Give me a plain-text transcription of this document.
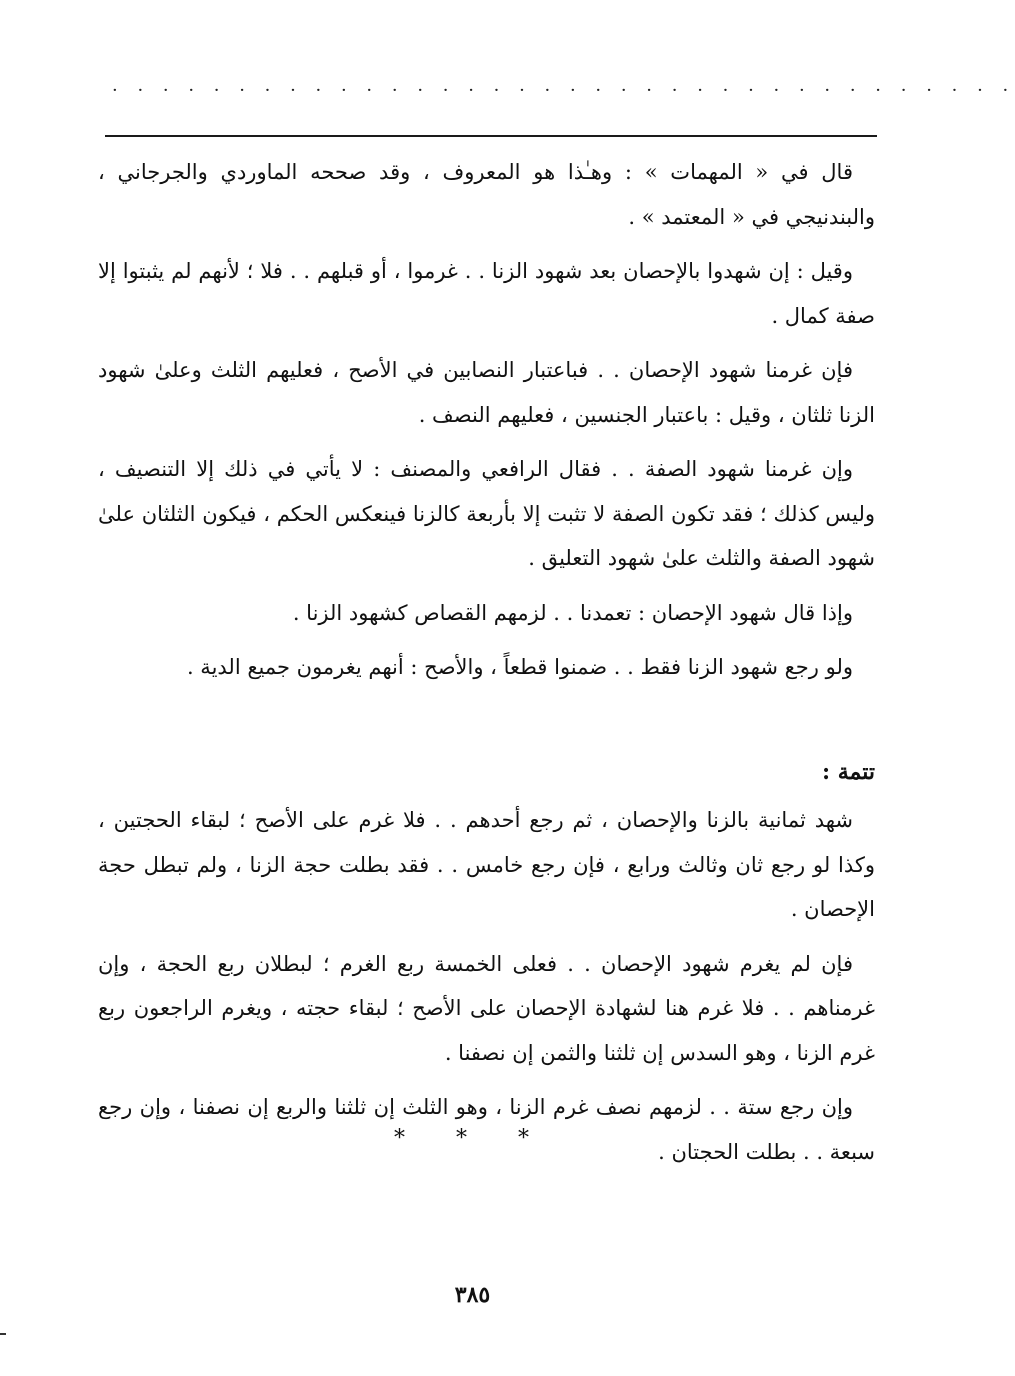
· · · · · · · · · · · · · · · · · · · · · · · · · · · · · · · · · · · ·

قال في « المهمات » : وهـٰذا هو المعروف ، وقد صححه الماوردي والجرجاني ، والبندنيجي في « المعتمد » .

وقيل : إن شهدوا بالإحصان بعد شهود الزنا . . غرموا ، أو قبلهم . . فلا ؛ لأنهم لم يثبتوا إلا صفة كمال .

فإن غرمنا شهود الإحصان . . فباعتبار النصابين في الأصح ، فعليهم الثلث وعلىٰ شهود الزنا ثلثان ، وقيل : باعتبار الجنسين ، فعليهم النصف .

وإن غرمنا شهود الصفة . . فقال الرافعي والمصنف : لا يأتي في ذلك إلا التنصيف ، وليس كذلك ؛ فقد تكون الصفة لا تثبت إلا بأربعة كالزنا فينعكس الحكم ، فيكون الثلثان علىٰ شهود الصفة والثلث علىٰ شهود التعليق .

وإذا قال شهود الإحصان : تعمدنا . . لزمهم القصاص كشهود الزنا .

ولو رجع شهود الزنا فقط . . ضمنوا قطعاً ، والأصح : أنهم يغرمون جميع الدية .

تتمة :

شهد ثمانية بالزنا والإحصان ، ثم رجع أحدهم . . فلا غرم على الأصح ؛ لبقاء الحجتين ، وكذا لو رجع ثان وثالث ورابع ، فإن رجع خامس . . فقد بطلت حجة الزنا ، ولم تبطل حجة الإحصان .

فإن لم يغرم شهود الإحصان . . فعلى الخمسة ربع الغرم ؛ لبطلان ربع الحجة ، وإن غرمناهم . . فلا غرم هنا لشهادة الإحصان على الأصح ؛ لبقاء حجته ، ويغرم الراجعون ربع غرم الزنا ، وهو السدس إن ثلثنا والثمن إن نصفنا .

وإن رجع ستة . . لزمهم نصف غرم الزنا ، وهو الثلث إن ثلثنا والربع إن نصفنا ، وإن رجع سبعة . . بطلت الحجتان .

* * *
٣٨٥
